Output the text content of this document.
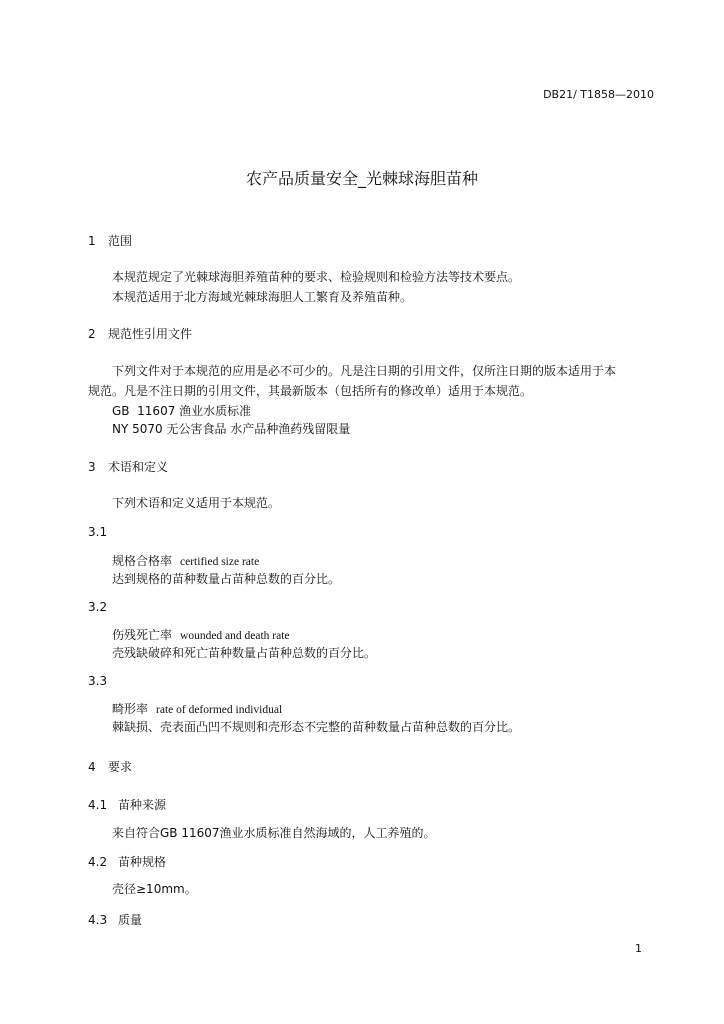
DB21/ T1858—2010
农产品质量安全_光棘球海胆苗种
1 范围
本规范规定了光棘球海胆养殖苗种的要求、检验规则和检验方法等技术要点。
本规范适用于北方海域光棘球海胆人工繁育及养殖苗种。
2 规范性引用文件
下列文件对于本规范的应用是必不可少的。凡是注日期的引用文件，仅所注日期的版本适用于本
规范。凡是不注日期的引用文件，其最新版本（包括所有的修改单）适用于本规范。
GB  11607 渔业水质标准
NY 5070 无公害食品 水产品种渔药残留限量
3 术语和定义
下列术语和定义适用于本规范。
3.1
规格合格率 certified size rate
达到规格的苗种数量占苗种总数的百分比。
3.2
伤残死亡率 wounded and death rate
壳残缺破碎和死亡苗种数量占苗种总数的百分比。
3.3
畸形率 rate of deformed individual
棘缺损、壳表面凸凹不规则和壳形态不完整的苗种数量占苗种总数的百分比。
4 要求
4.1 苗种来源
来自符合GB 11607渔业水质标准自然海域的，人工养殖的。
4.2 苗种规格
壳径≥10mm。
4.3 质量
1
